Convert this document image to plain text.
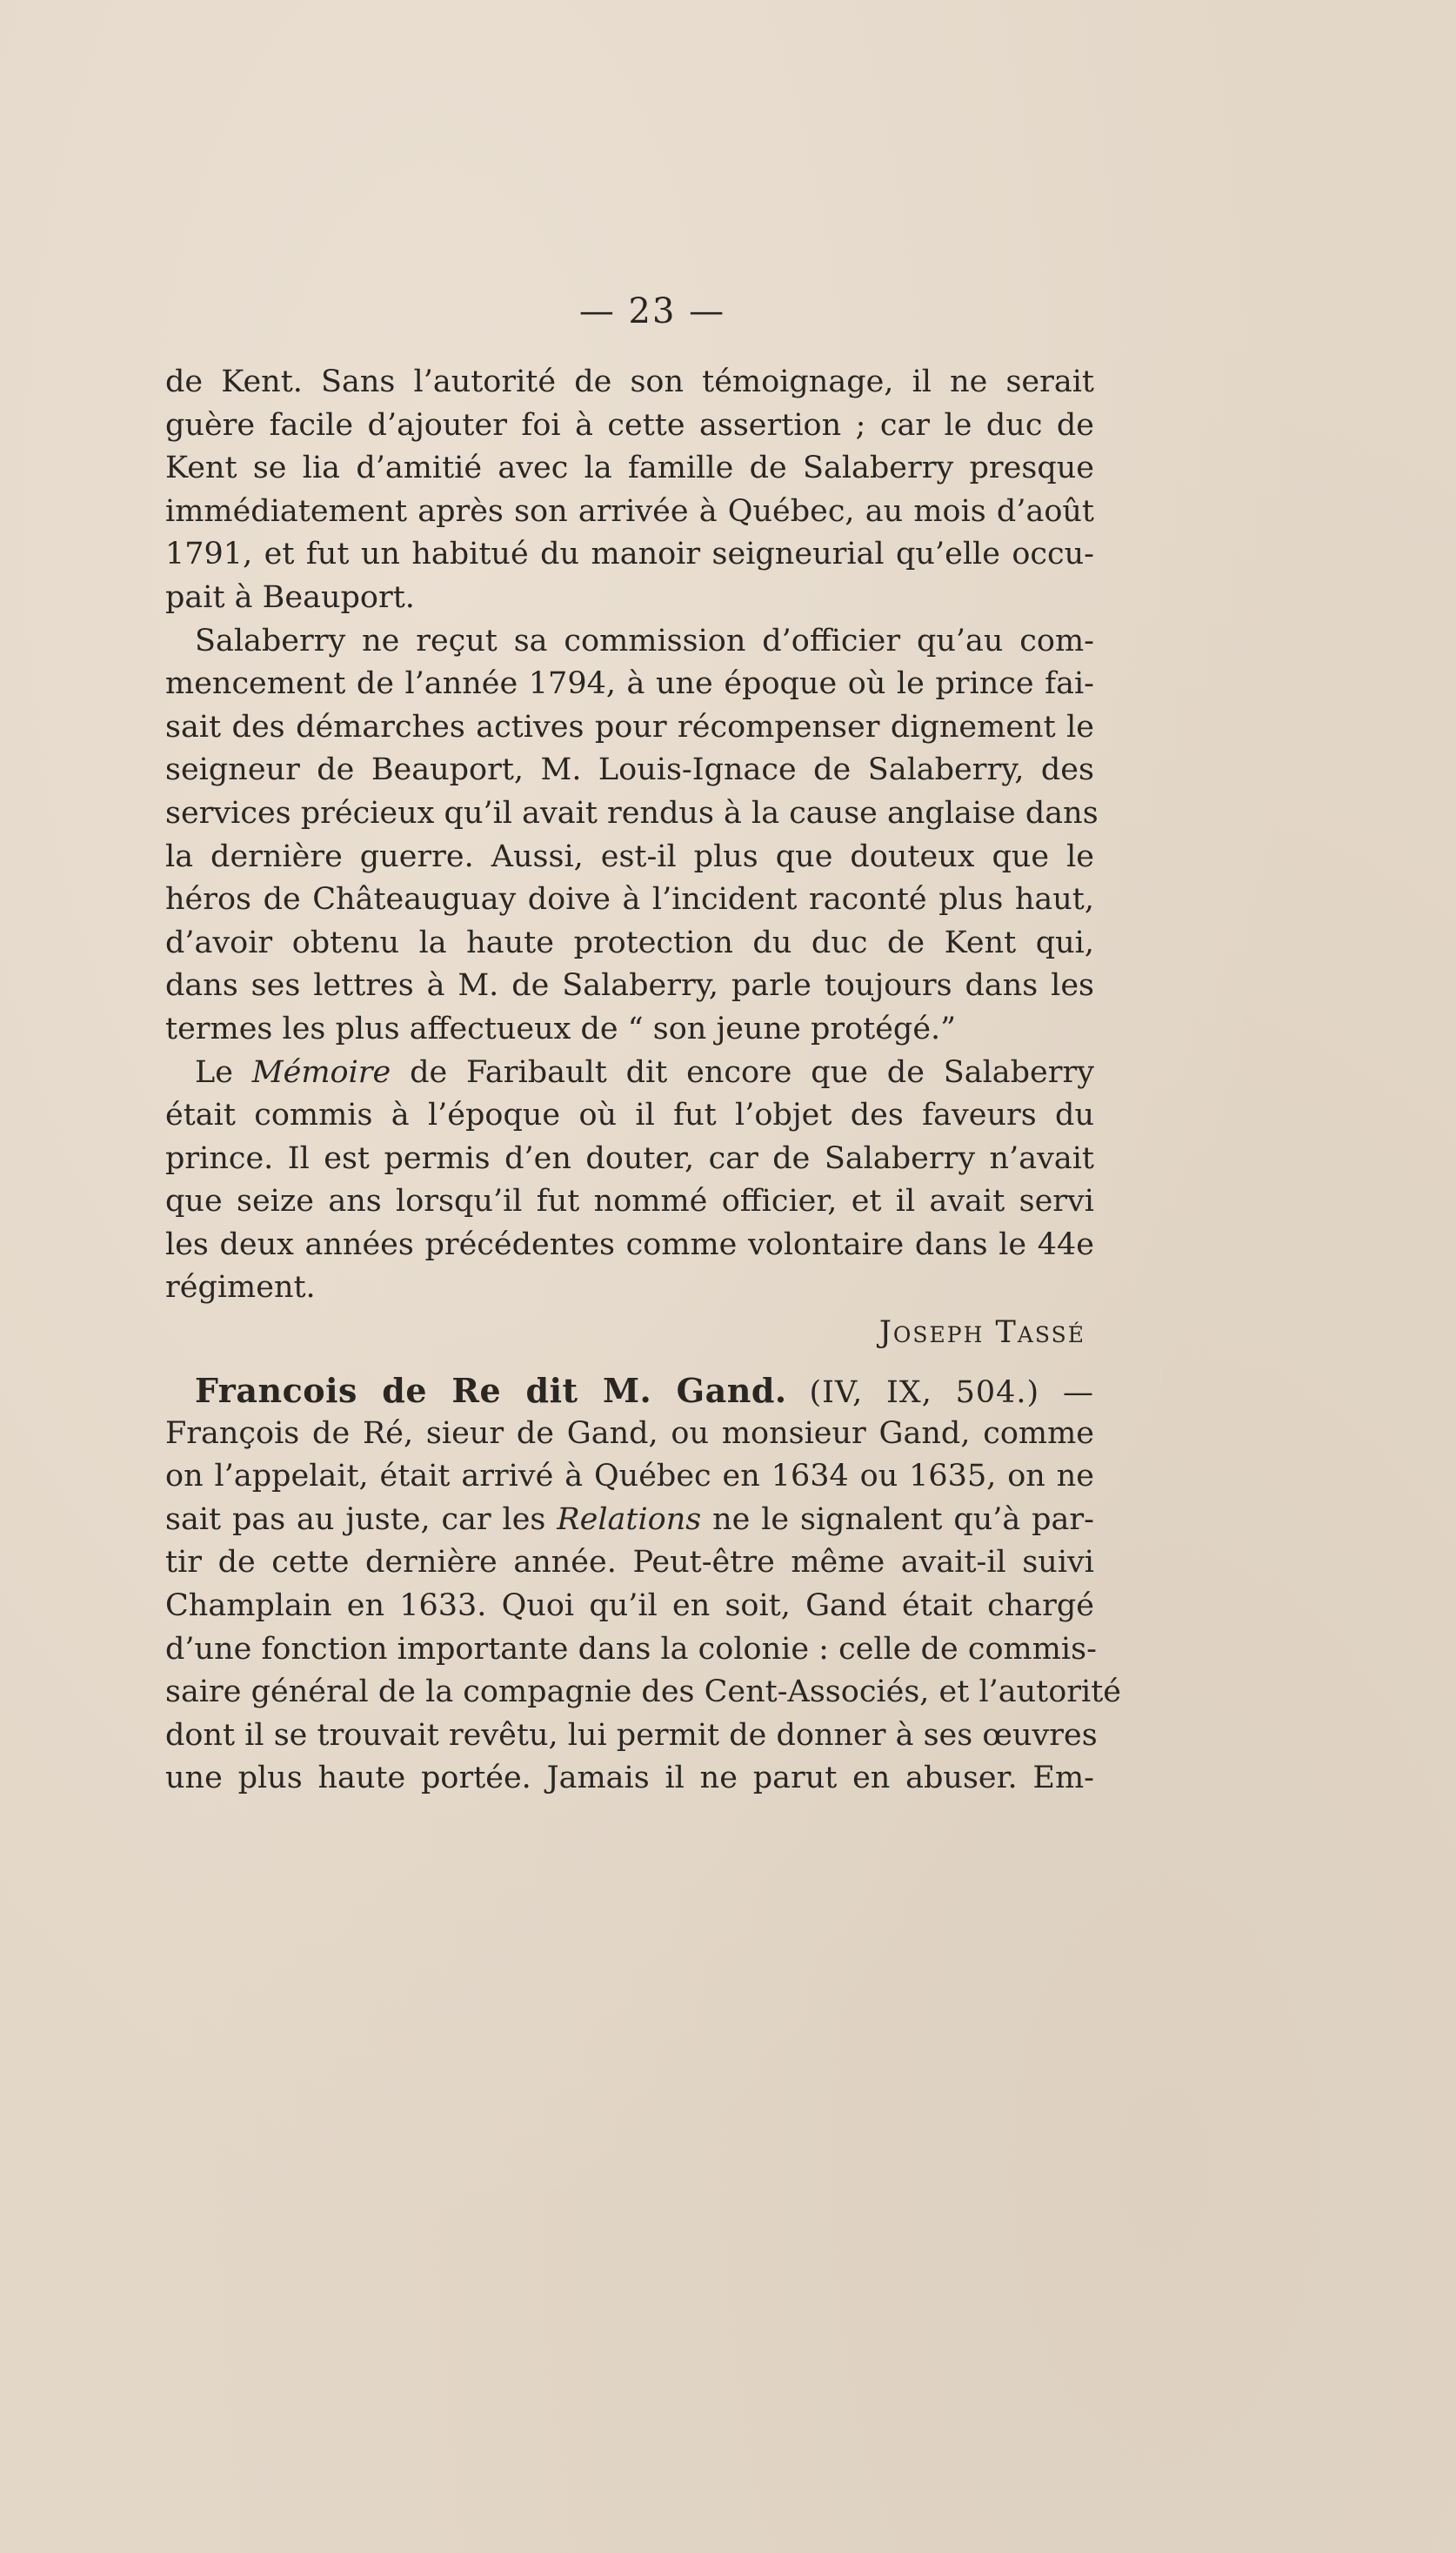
— 23 —
de Kent. Sans l’autorité de son témoignage, il ne serait
guère facile d’ajouter foi à cette assertion ; car le duc de
Kent se lia d’amitié avec la famille de Salaberry presque
immédiatement après son arrivée à Québec, au mois d’août
1791, et fut un habitué du manoir seigneurial qu’elle occu-
pait à Beauport.
Salaberry ne reçut sa commission d’officier qu’au com-
mencement de l’année 1794, à une époque où le prince fai-
sait des démarches actives pour récompenser dignement le
seigneur de Beauport, M. Louis-Ignace de Salaberry, des
services précieux qu’il avait rendus à la cause anglaise dans
la dernière guerre. Aussi, est-il plus que douteux que le
héros de Châteauguay doive à l’incident raconté plus haut,
d’avoir obtenu la haute protection du duc de Kent qui,
dans ses lettres à M. de Salaberry, parle toujours dans les
termes les plus affectueux de “ son jeune protégé.”
Le Mémoire de Faribault dit encore que de Salaberry
était commis à l’époque où il fut l’objet des faveurs du
prince. Il est permis d’en douter, car de Salaberry n’avait
que seize ans lorsqu’il fut nommé officier, et il avait servi
les deux années précédentes comme volontaire dans le 44e
régiment.
Joseph Tassé
Francois de Re dit M. Gand. (IV, IX, 504.) —
François de Ré, sieur de Gand, ou monsieur Gand, comme
on l’appelait, était arrivé à Québec en 1634 ou 1635, on ne
sait pas au juste, car les Relations ne le signalent qu’à par-
tir de cette dernière année. Peut-être même avait-il suivi
Champlain en 1633. Quoi qu’il en soit, Gand était chargé
d’une fonction importante dans la colonie : celle de commis-
saire général de la compagnie des Cent-Associés, et l’autorité
dont il se trouvait revêtu, lui permit de donner à ses œuvres
une plus haute portée. Jamais il ne parut en abuser. Em-
